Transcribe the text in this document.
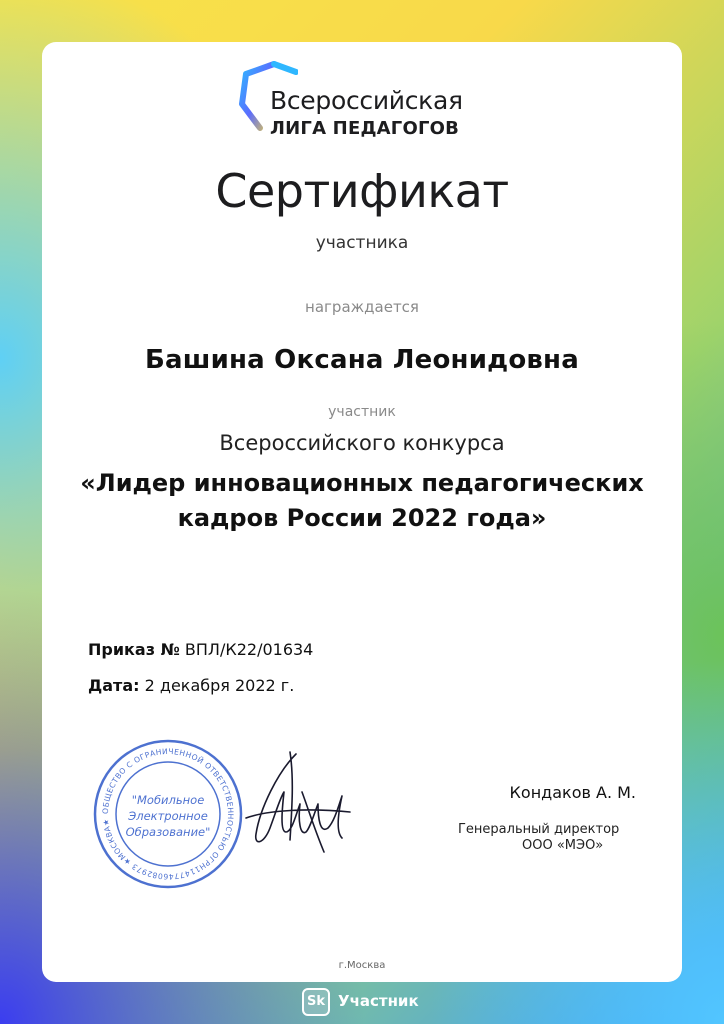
Всероссийская
ЛИГА ПЕДАГОГОВ
Сертификат
участника
награждается
Башина Оксана Леонидовна
участник
Всероссийского конкурса
«Лидер инновационных педагогических
кадров России 2022 года»
Приказ № ВПЛ/К22/01634
Дата: 2 декабря 2022 г.
ОБЩЕСТВО С ОГРАНИЧЕННОЙ ОТВЕТСТВЕННОСТЬЮ ОГРН1147746082973 ★МОСКВА★
"Мобильное
Электронное
Образование"
Кондаков А. М.
Генеральный директор
ООО «МЭО»
г.Москва
Sk Участник
